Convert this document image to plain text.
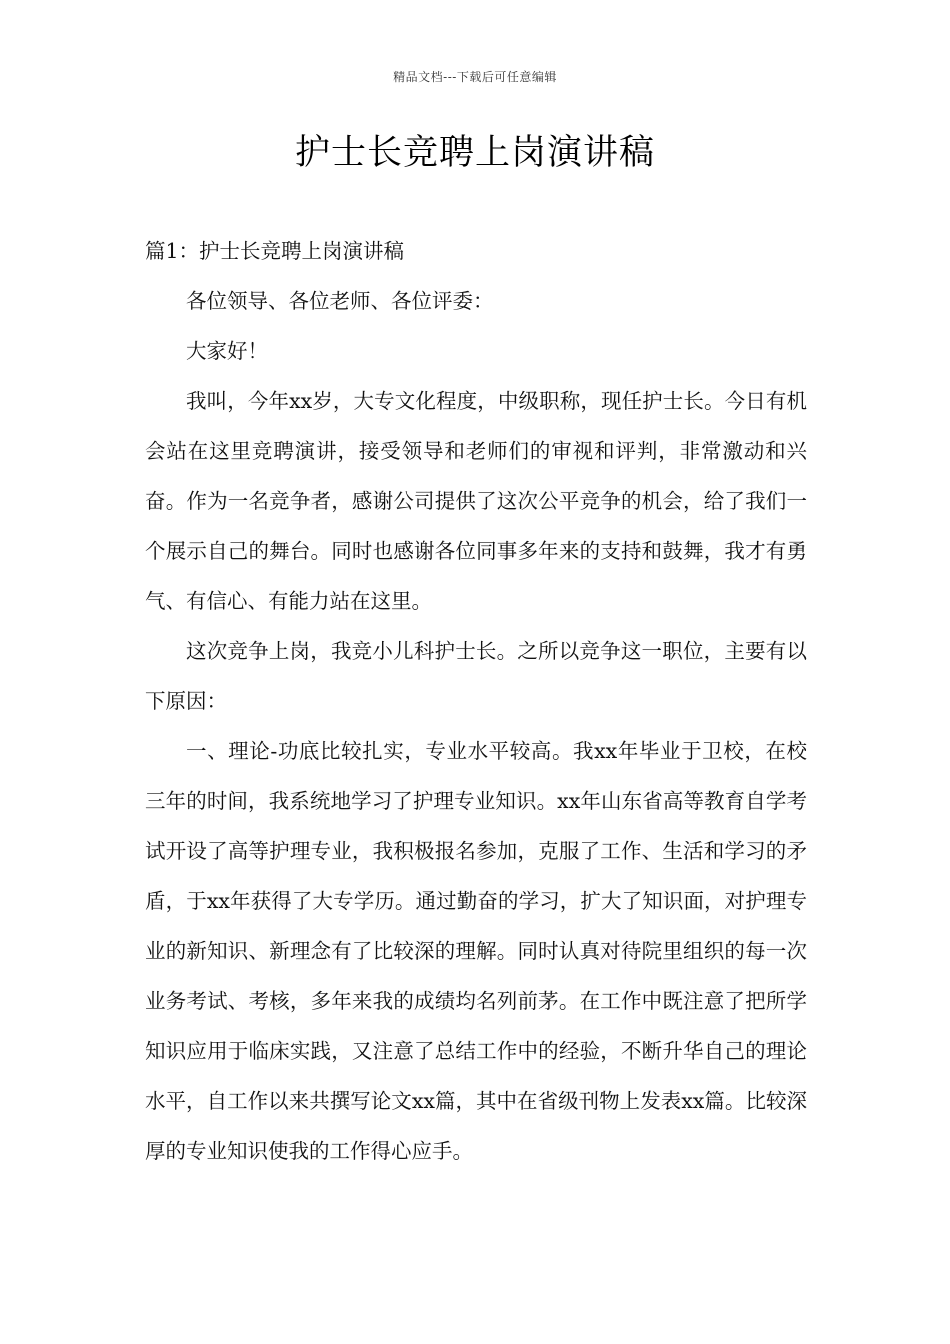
精品文档---下载后可任意编辑
护士长竞聘上岗演讲稿

篇1：护士长竞聘上岗演讲稿

各位领导、各位老师、各位评委：

大家好！

我叫，今年xx岁，大专文化程度，中级职称，现任护士长。今日有机会站在这里竞聘演讲，接受领导和老师们的审视和评判，非常激动和兴奋。作为一名竞争者，感谢公司提供了这次公平竞争的机会，给了我们一个展示自己的舞台。同时也感谢各位同事多年来的支持和鼓舞，我才有勇气、有信心、有能力站在这里。

这次竞争上岗，我竞小儿科护士长。之所以竞争这一职位，主要有以下原因：

一、理论-功底比较扎实，专业水平较高。我xx年毕业于卫校，在校三年的时间，我系统地学习了护理专业知识。xx年山东省高等教育自学考试开设了高等护理专业，我积极报名参加，克服了工作、生活和学习的矛盾，于xx年获得了大专学历。通过勤奋的学习，扩大了知识面，对护理专业的新知识、新理念有了比较深的理解。同时认真对待院里组织的每一次业务考试、考核，多年来我的成绩均名列前茅。在工作中既注意了把所学知识应用于临床实践，又注意了总结工作中的经验，不断升华自己的理论水平，自工作以来共撰写论文xx篇，其中在省级刊物上发表xx篇。比较深厚的专业知识使我的工作得心应手。
